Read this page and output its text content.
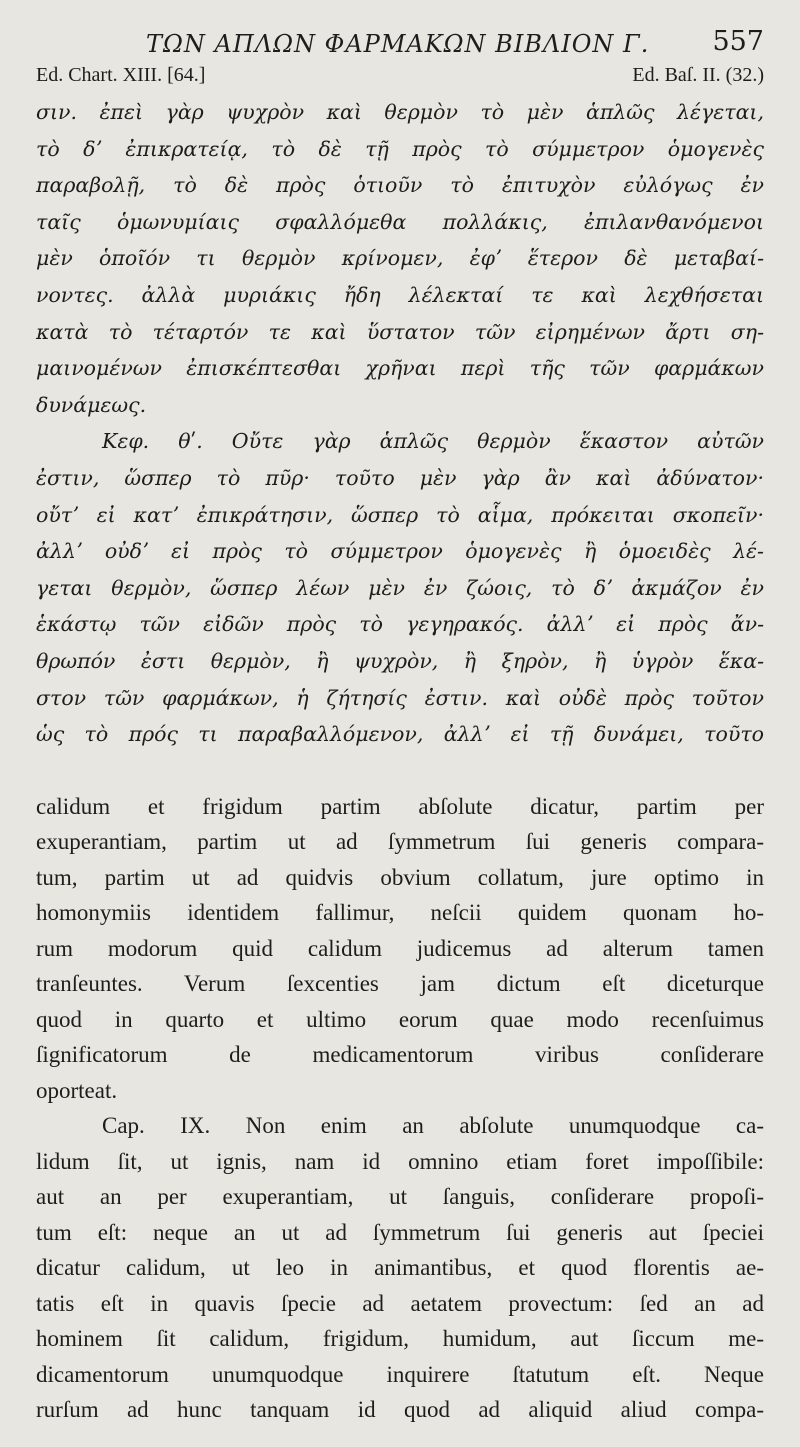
ΤΩΝ ΑΠΛΩΝ ΦΑΡΜΑΚΩΝ ΒΙΒΛΙΟΝ Γ. 557
Ed. Chart. XIII. [64.]	Ed. Baſ. II. (32.)
σιν. ἐπεὶ γὰρ ψυχρὸν καὶ θερμὸν τὸ μὲν ἁπλῶς λέγεται,
τὸ δʼ ἐπικρατείᾳ, τὸ δὲ τῇ πρὸς τὸ σύμμετρον ὁμογενὲς
παραβολῇ, τὸ δὲ πρὸς ὁτιοῦν τὸ ἐπιτυχὸν εὐλόγως ἐν
ταῖς ὁμωνυμίαις σφαλλόμεθα πολλάκις, ἐπιλανθανόμενοι
μὲν ὁποῖόν τι θερμὸν κρίνομεν, ἐφʼ ἕτερον δὲ μεταβαί-
νοντες. ἀλλὰ μυριάκις ἤδη λέλεκταί τε καὶ λεχθήσεται
κατὰ τὸ τέταρτόν τε καὶ ὕστατον τῶν εἰρημένων ἄρτι ση-
μαινομένων ἐπισκέπτεσθαι χρῆναι περὶ τῆς τῶν φαρμάκων
δυνάμεως.
Κεφ. θʹ. Οὔτε γὰρ ἁπλῶς θερμὸν ἕκαστον αὐτῶν
ἐστιν, ὥσπερ τὸ πῦρ· τοῦτο μὲν γὰρ ἂν καὶ ἀδύνατον·
οὔτʼ εἰ κατʼ ἐπικράτησιν, ὥσπερ τὸ αἷμα, πρόκειται σκοπεῖν·
ἀλλʼ οὐδʼ εἰ πρὸς τὸ σύμμετρον ὁμογενὲς ἢ ὁμοειδὲς λέ-
γεται θερμὸν, ὥσπερ λέων μὲν ἐν ζώοις, τὸ δʼ ἀκμάζον ἐν
ἑκάστῳ τῶν εἰδῶν πρὸς τὸ γεγηρακός. ἀλλʼ εἰ πρὸς ἄν-
θρωπόν ἐστι θερμὸν, ἢ ψυχρὸν, ἢ ξηρὸν, ἢ ὑγρὸν ἕκα-
στον τῶν φαρμάκων, ἡ ζήτησίς ἐστιν. καὶ οὐδὲ πρὸς τοῦτον
ὡς τὸ πρός τι παραβαλλόμενον, ἀλλʼ εἰ τῇ δυνάμει, τοῦτο
calidum et frigidum partim abſolute dicatur, partim per
exuperantiam, partim ut ad ſymmetrum ſui generis compara-
tum, partim ut ad quidvis obvium collatum, jure optimo in
homonymiis identidem fallimur, neſcii quidem quonam ho-
rum modorum quid calidum judicemus ad alterum tamen
tranſeuntes. Verum ſexcenties jam dictum eſt diceturque
quod in quarto et ultimo eorum quae modo recenſuimus
ſignificatorum de medicamentorum viribus conſiderare
oporteat.
Cap. IX. Non enim an abſolute unumquodque ca-
lidum ſit, ut ignis, nam id omnino etiam foret impoſſibile:
aut an per exuperantiam, ut ſanguis, conſiderare propoſi-
tum eſt: neque an ut ad ſymmetrum ſui generis aut ſpeciei
dicatur calidum, ut leo in animantibus, et quod florentis ae-
tatis eſt in quavis ſpecie ad aetatem provectum: ſed an ad
hominem ſit calidum, frigidum, humidum, aut ſiccum me-
dicamentorum unumquodque inquirere ſtatutum eſt. Neque
rurſum ad hunc tanquam id quod ad aliquid aliud compa-
